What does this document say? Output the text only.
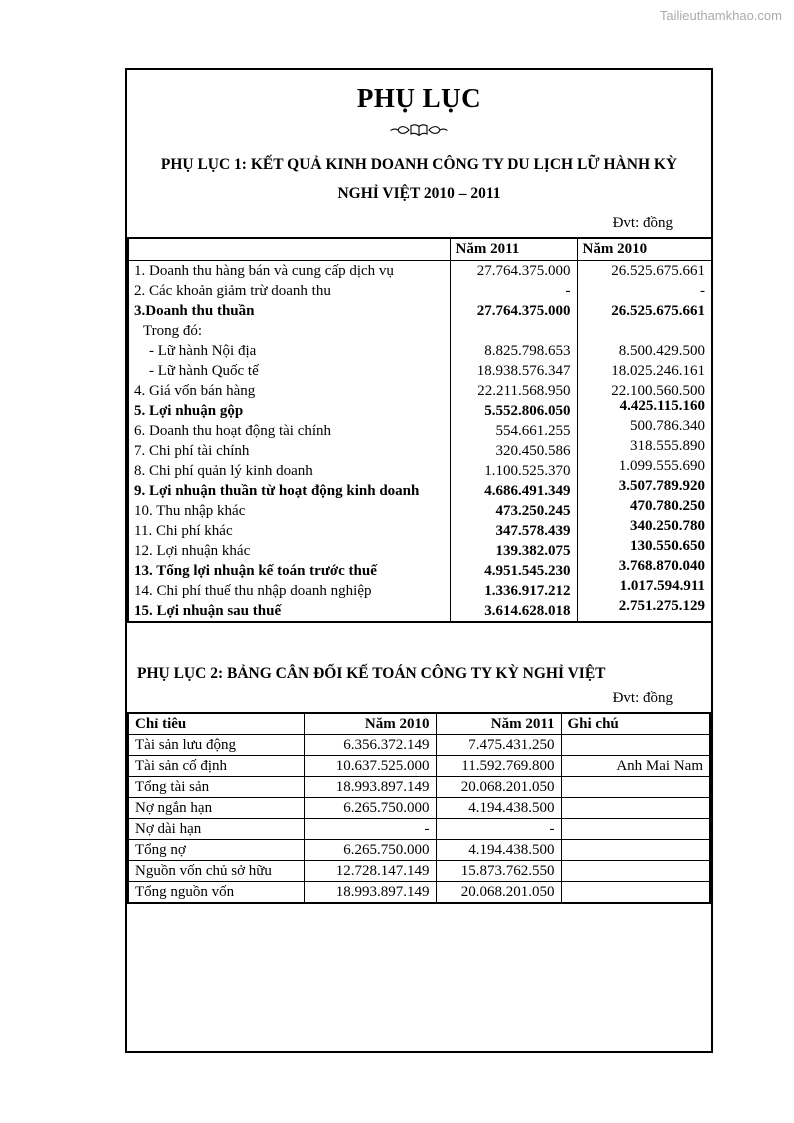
Tailieuthamkhao.com
PHỤ LỤC
PHỤ LỤC 1: KẾT QUẢ KINH DOANH CÔNG TY DU LỊCH LỮ HÀNH KỲ
NGHỈ VIỆT 2010 – 2011
Đvt: đồng
	Năm 2011	Năm 2010
1. Doanh thu hàng bán và cung cấp dịch vụ	27.764.375.000	26.525.675.661
2. Các khoản giảm trừ doanh thu	-	-
3.Doanh thu thuần	27.764.375.000	26.525.675.661
Trong đó:		
- Lữ hành Nội địa	8.825.798.653	8.500.429.500
- Lữ hành Quốc tế	18.938.576.347	18.025.246.161
4. Giá vốn bán hàng	22.211.568.950	22.100.560.500
5. Lợi nhuận gộp	5.552.806.050	4.425.115.160
6. Doanh thu hoạt động tài chính	554.661.255	500.786.340
7. Chi phí tài chính	320.450.586	318.555.890
8. Chi phí quản lý kinh doanh	1.100.525.370	1.099.555.690
9. Lợi nhuận thuần từ hoạt động kinh doanh	4.686.491.349	3.507.789.920
10. Thu nhập khác	473.250.245	470.780.250
11. Chi phí khác	347.578.439	340.250.780
12. Lợi nhuận khác	139.382.075	130.550.650
13. Tổng lợi nhuận kế toán trước thuế	4.951.545.230	3.768.870.040
14. Chi phí thuế thu nhập doanh nghiệp	1.336.917.212	1.017.594.911
15. Lợi nhuận sau thuế	3.614.628.018	2.751.275.129
PHỤ LỤC 2: BẢNG CÂN ĐỐI KẾ TOÁN CÔNG TY KỲ NGHỈ VIỆT
Đvt: đồng
Chỉ tiêu	Năm 2010	Năm 2011	Ghi chú
Tài sản lưu động	6.356.372.149	7.475.431.250	
Tài sản cố định	10.637.525.000	11.592.769.800	Anh Mai Nam
Tổng tài sản	18.993.897.149	20.068.201.050	
Nợ ngắn hạn	6.265.750.000	4.194.438.500	
Nợ dài hạn	-	-	
Tổng nợ	6.265.750.000	4.194.438.500	
Nguồn vốn chủ sở hữu	12.728.147.149	15.873.762.550	
Tổng nguồn vốn	18.993.897.149	20.068.201.050	
